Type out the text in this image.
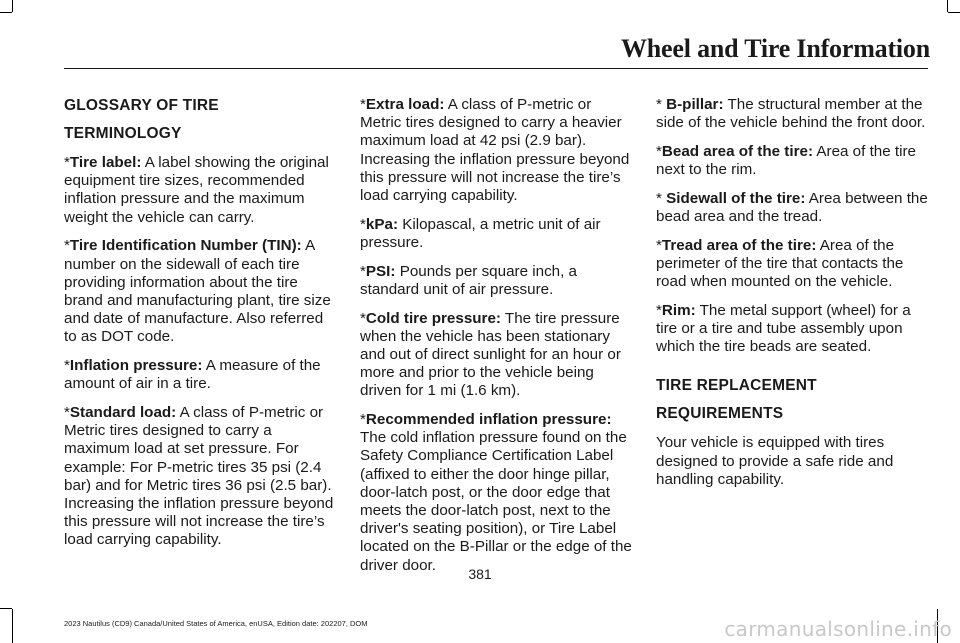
Wheel and Tire Information
GLOSSARY OF TIRE
TERMINOLOGY

*Tire label: A label showing the original equipment tire sizes, recommended inflation pressure and the maximum weight the vehicle can carry.

*Tire Identification Number (TIN): A number on the sidewall of each tire providing information about the tire brand and manufacturing plant, tire size and date of manufacture. Also referred to as DOT code.

*Inflation pressure: A measure of the amount of air in a tire.

*Standard load: A class of P-metric or Metric tires designed to carry a maximum load at set pressure. For example: For P-metric tires 35 psi (2.4 bar) and for Metric tires 36 psi (2.5 bar). Increasing the inflation pressure beyond this pressure will not increase the tire’s load carrying capability.

*Extra load: A class of P-metric or Metric tires designed to carry a heavier maximum load at 42 psi (2.9 bar). Increasing the inflation pressure beyond this pressure will not increase the tire’s load carrying capability.

*kPa: Kilopascal, a metric unit of air pressure.

*PSI: Pounds per square inch, a standard unit of air pressure.

*Cold tire pressure: The tire pressure when the vehicle has been stationary and out of direct sunlight for an hour or more and prior to the vehicle being driven for 1 mi (1.6 km).

*Recommended inflation pressure: The cold inflation pressure found on the Safety Compliance Certification Label (affixed to either the door hinge pillar, door-latch post, or the door edge that meets the door-latch post, next to the driver's seating position), or Tire Label located on the B-Pillar or the edge of the driver door.

* B-pillar: The structural member at the side of the vehicle behind the front door.

*Bead area of the tire: Area of the tire next to the rim.

* Sidewall of the tire: Area between the bead area and the tread.

*Tread area of the tire: Area of the perimeter of the tire that contacts the road when mounted on the vehicle.

*Rim: The metal support (wheel) for a tire or a tire and tube assembly upon which the tire beads are seated.

TIRE REPLACEMENT
REQUIREMENTS

Your vehicle is equipped with tires designed to provide a safe ride and handling capability.

381
2023 Nautilus (CD9) Canada/United States of America, enUSA, Edition date: 202207, DOM	carmanualsonline.info
